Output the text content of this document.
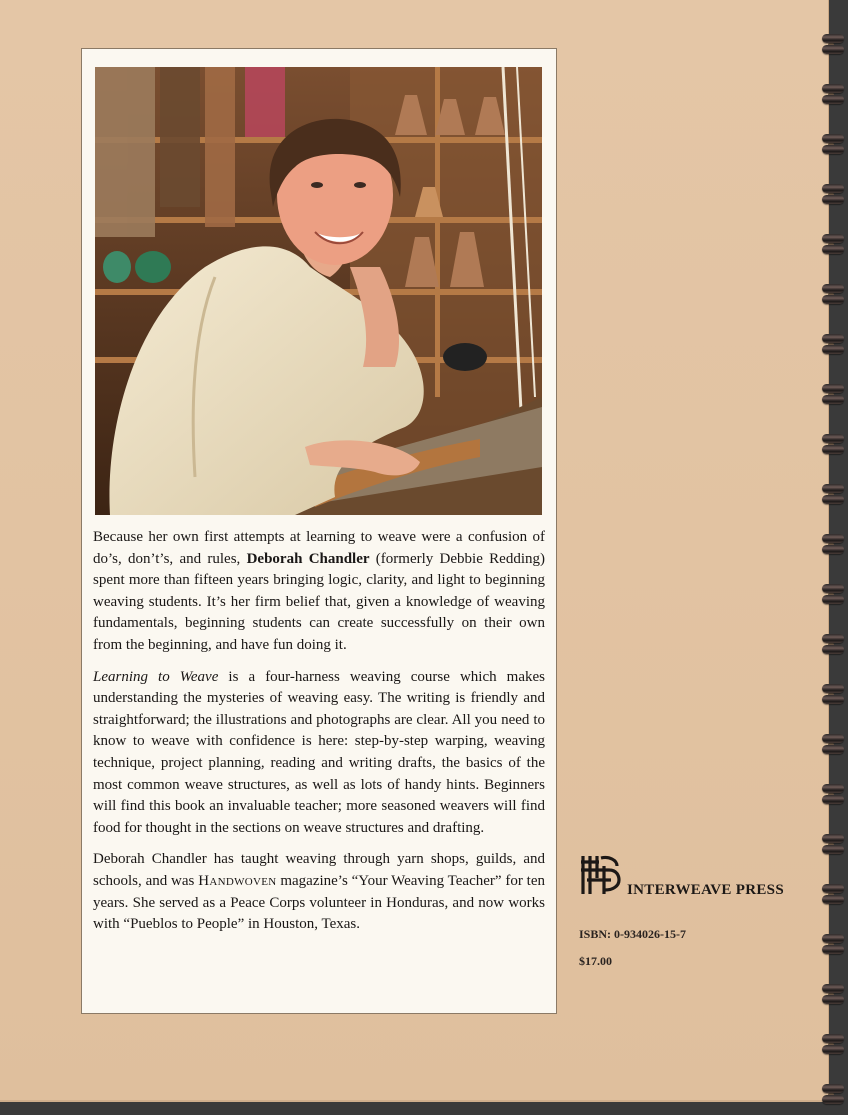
Because her own first attempts at learning to weave were a confusion of do’s, don’t’s, and rules, Deborah Chandler (formerly Debbie Redding) spent more than fifteen years bringing logic, clarity, and light to beginning weaving students. It’s her firm belief that, given a knowledge of weaving fundamentals, beginning students can create successfully on their own from the beginning, and have fun doing it.

Learning to Weave is a four-harness weaving course which makes understanding the mysteries of weaving easy. The writing is friendly and straightforward; the illustrations and photographs are clear. All you need to know to weave with confidence is here: step-by-step warping, weaving technique, project planning, reading and writing drafts, the basics of the most common weave structures, as well as lots of handy hints. Beginners will find this book an invaluable teacher; more seasoned weavers will find food for thought in the sections on weave structures and drafting.

Deborah Chandler has taught weaving through yarn shops, guilds, and schools, and was Handwoven magazine’s “Your Weaving Teacher” for ten years. She served as a Peace Corps volunteer in Honduras, and now works with “Pueblos to People” in Houston, Texas.

INTERWEAVE PRESS
ISBN: 0-934026-15-7
$17.00
